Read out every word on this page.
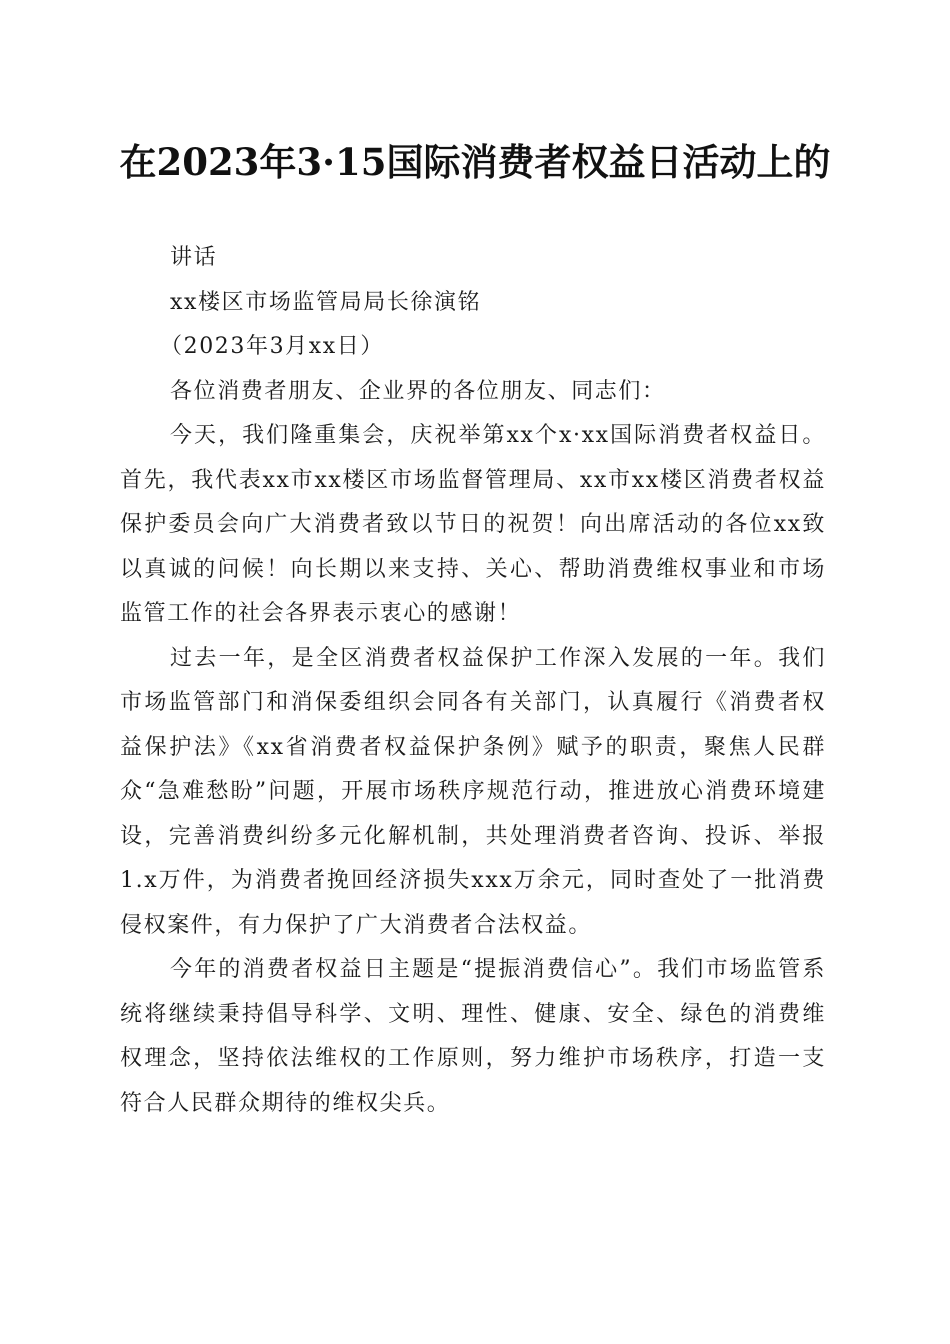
在2023年3·15国际消费者权益日活动上的

讲话

xx楼区市场监管局局长徐演铭

（2023年3月xx日）

各位消费者朋友、企业界的各位朋友、同志们：

今天，我们隆重集会，庆祝举第xx个x·xx国际消费者权益日。首先，我代表xx市xx楼区市场监督管理局、xx市xx楼区消费者权益保护委员会向广大消费者致以节日的祝贺！向出席活动的各位xx致以真诚的问候！向长期以来支持、关心、帮助消费维权事业和市场监管工作的社会各界表示衷心的感谢！

过去一年，是全区消费者权益保护工作深入发展的一年。我们市场监管部门和消保委组织会同各有关部门，认真履行《消费者权益保护法》《xx省消费者权益保护条例》赋予的职责，聚焦人民群众“急难愁盼”问题，开展市场秩序规范行动，推进放心消费环境建设，完善消费纠纷多元化解机制，共处理消费者咨询、投诉、举报1.x万件，为消费者挽回经济损失xxx万余元，同时查处了一批消费侵权案件，有力保护了广大消费者合法权益。

今年的消费者权益日主题是“提振消费信心”。我们市场监管系统将继续秉持倡导科学、文明、理性、健康、安全、绿色的消费维权理念，坚持依法维权的工作原则，努力维护市场秩序，打造一支符合人民群众期待的维权尖兵。
